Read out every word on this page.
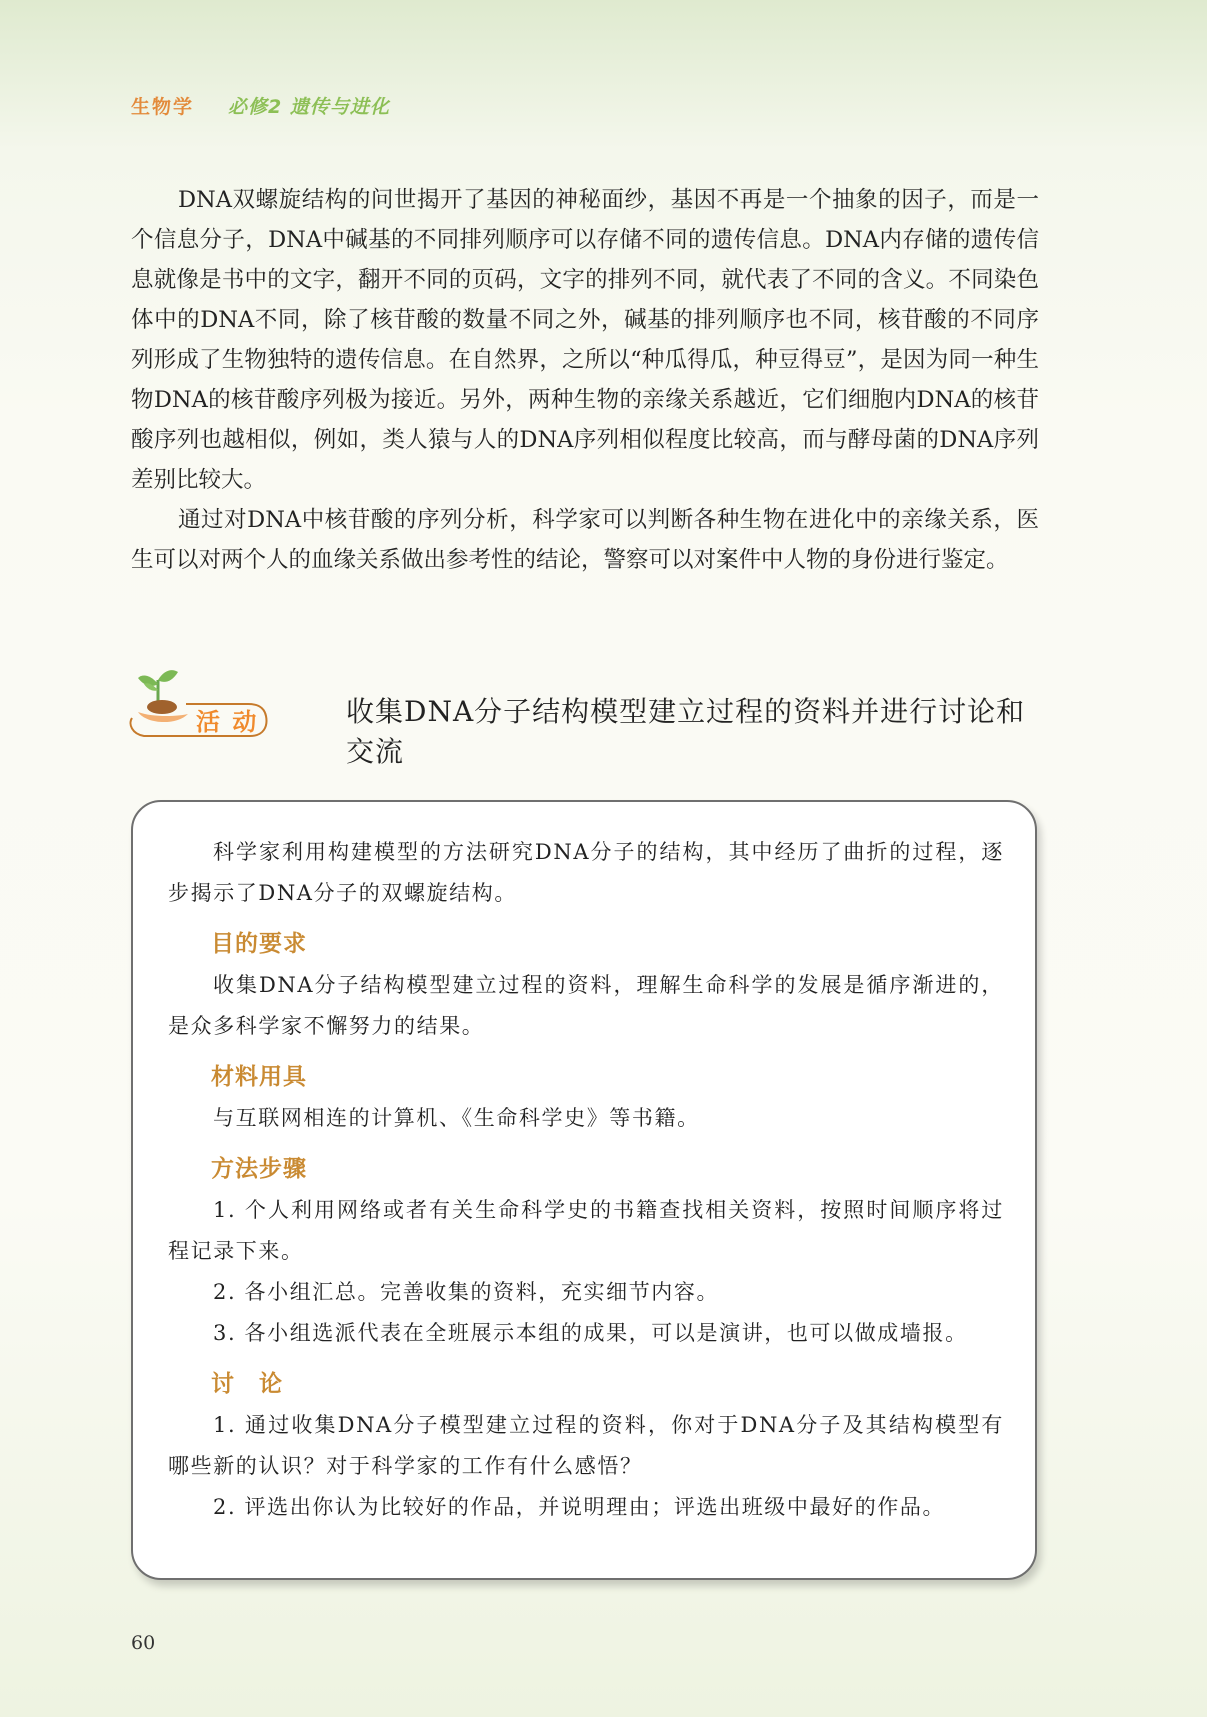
生物学 必修2 遗传与进化

DNA双螺旋结构的问世揭开了基因的神秘面纱，基因不再是一个抽象的因子，而是一个信息分子，DNA中碱基的不同排列顺序可以存储不同的遗传信息。DNA内存储的遗传信息就像是书中的文字，翻开不同的页码，文字的排列不同，就代表了不同的含义。不同染色体中的DNA不同，除了核苷酸的数量不同之外，碱基的排列顺序也不同，核苷酸的不同序列形成了生物独特的遗传信息。在自然界，之所以“种瓜得瓜，种豆得豆”，是因为同一种生物DNA的核苷酸序列极为接近。另外，两种生物的亲缘关系越近，它们细胞内DNA的核苷酸序列也越相似，例如，类人猿与人的DNA序列相似程度比较高，而与酵母菌的DNA序列差别比较大。

通过对DNA中核苷酸的序列分析，科学家可以判断各种生物在进化中的亲缘关系，医生可以对两个人的血缘关系做出参考性的结论，警察可以对案件中人物的身份进行鉴定。

活 动	收集DNA分子结构模型建立过程的资料并进行讨论和交流

科学家利用构建模型的方法研究DNA分子的结构，其中经历了曲折的过程，逐步揭示了DNA分子的双螺旋结构。

目的要求

收集DNA分子结构模型建立过程的资料，理解生命科学的发展是循序渐进的，是众多科学家不懈努力的结果。

材料用具

与互联网相连的计算机、《生命科学史》等书籍。

方法步骤

1. 个人利用网络或者有关生命科学史的书籍查找相关资料，按照时间顺序将过程记录下来。

2. 各小组汇总。完善收集的资料，充实细节内容。

3. 各小组选派代表在全班展示本组的成果，可以是演讲，也可以做成墙报。

讨　论

1. 通过收集DNA分子模型建立过程的资料，你对于DNA分子及其结构模型有哪些新的认识？对于科学家的工作有什么感悟？

2. 评选出你认为比较好的作品，并说明理由；评选出班级中最好的作品。

60
